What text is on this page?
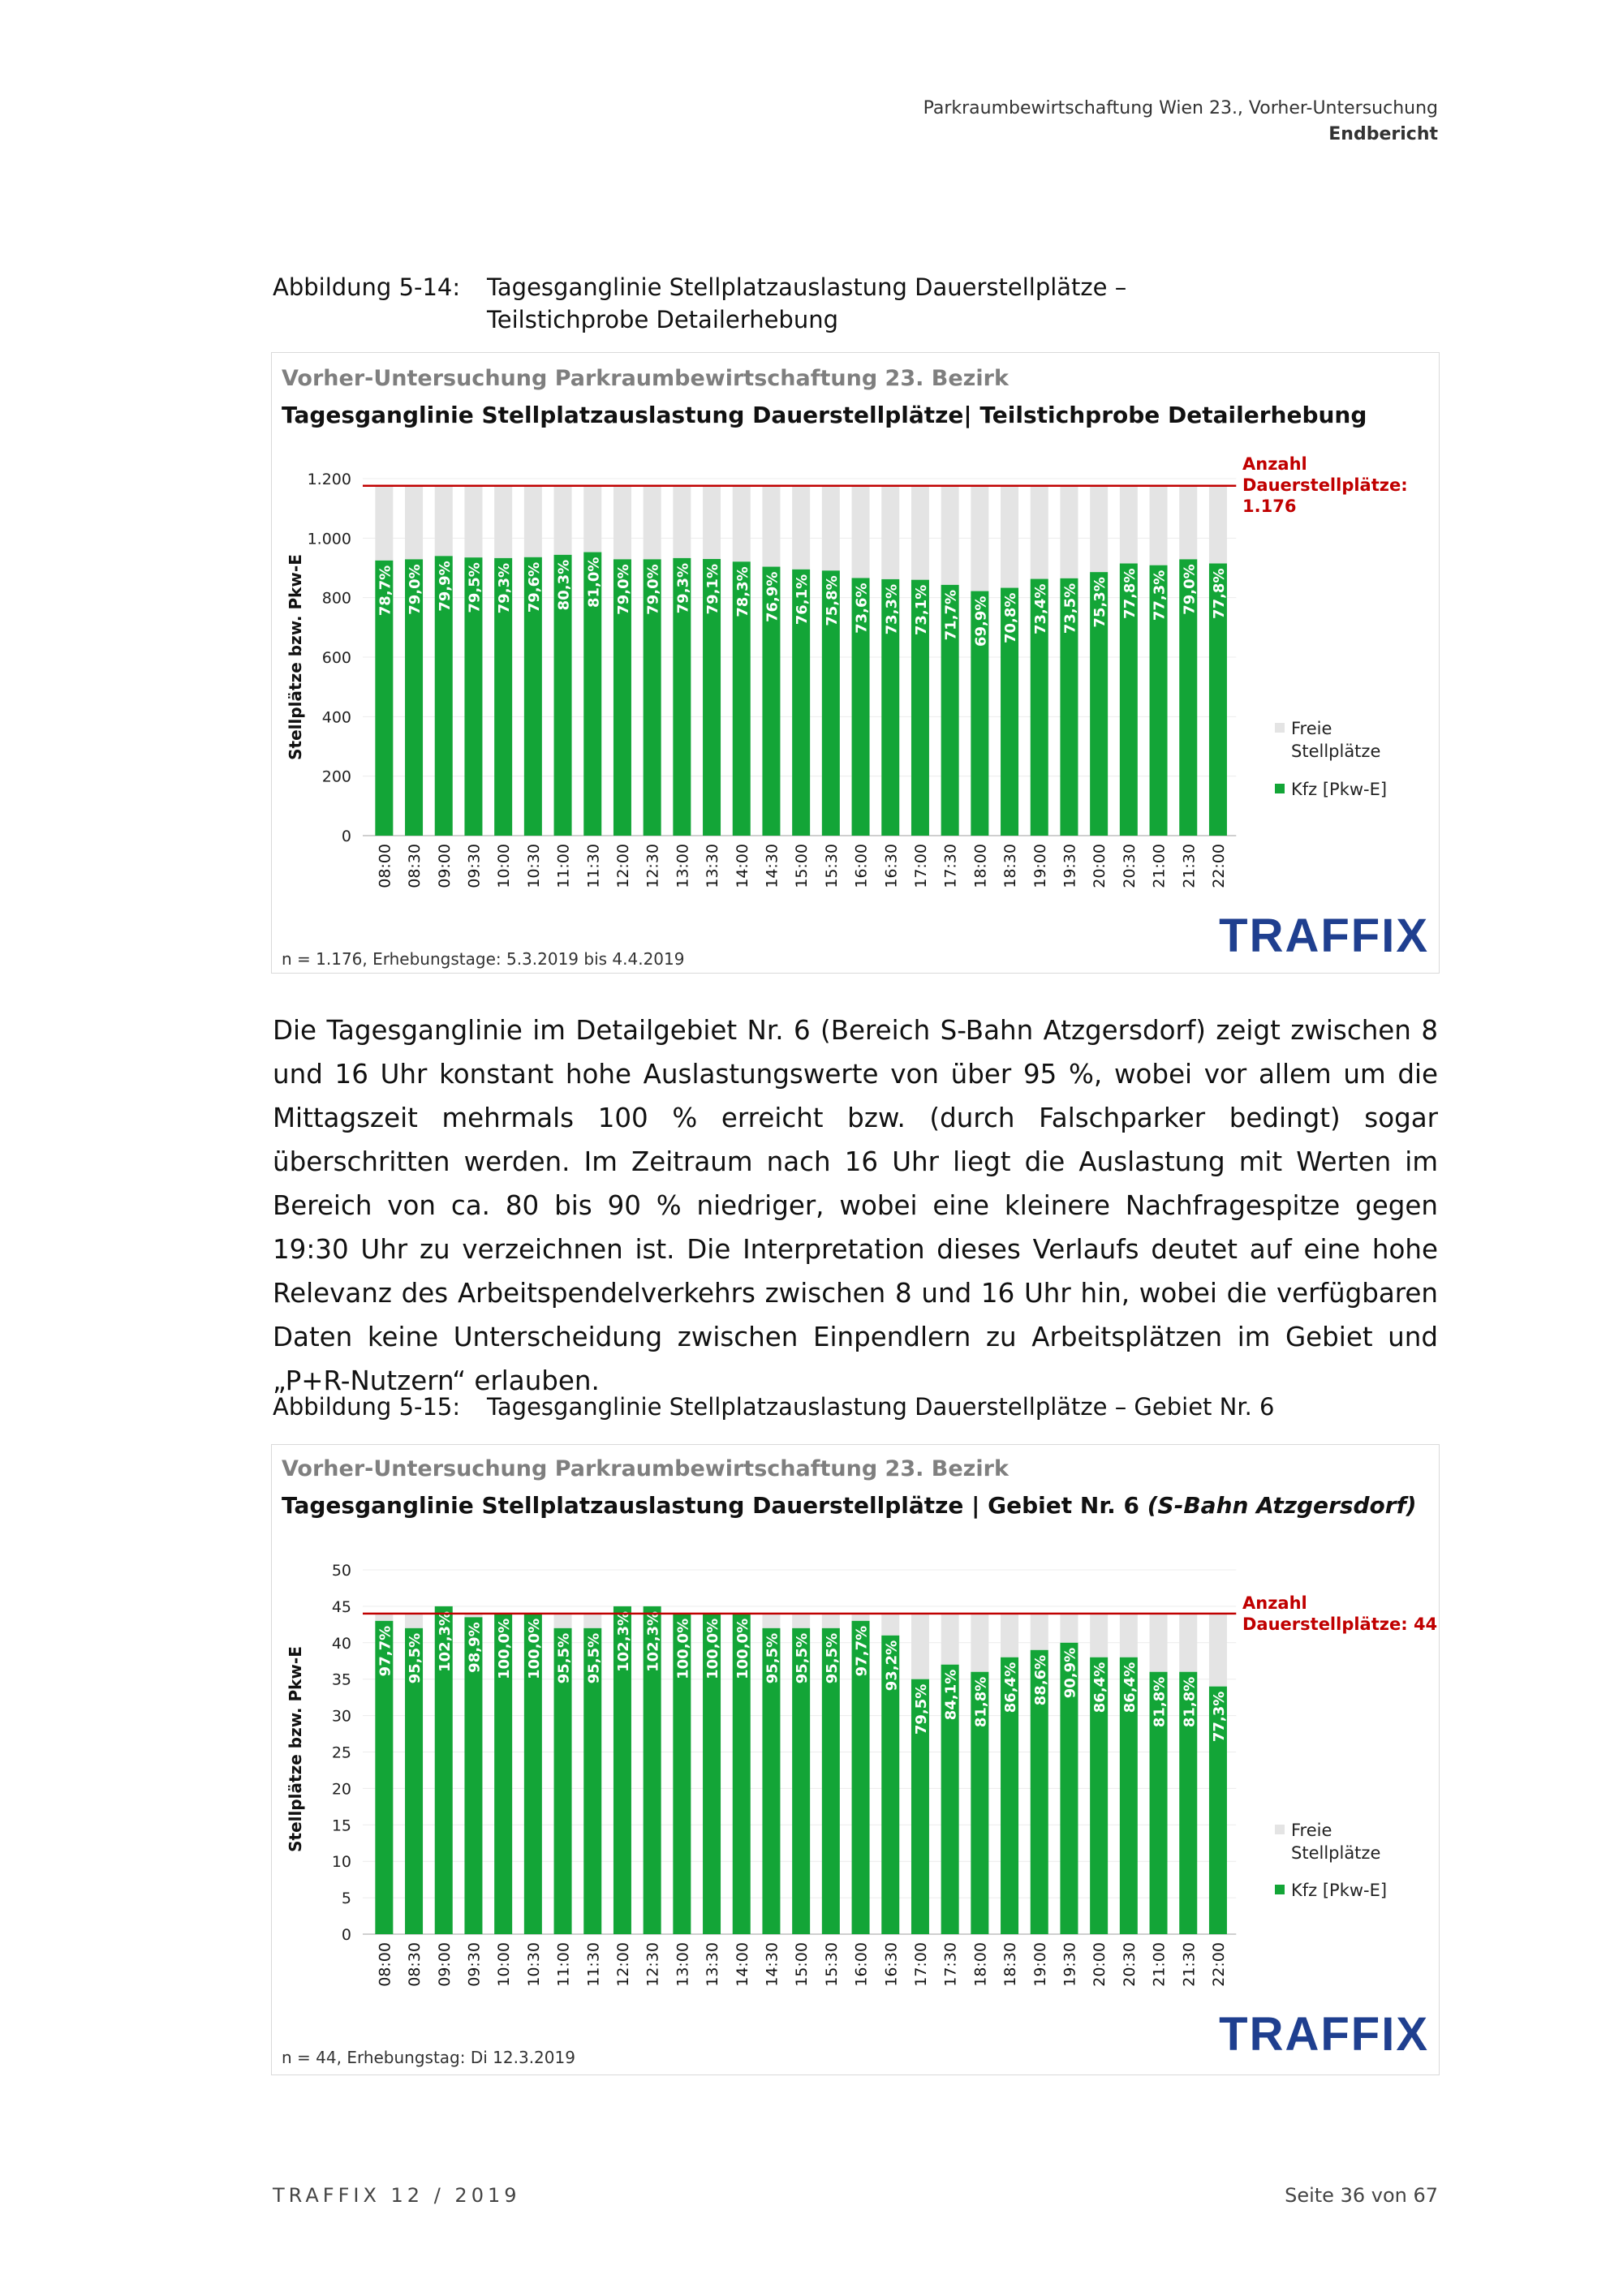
Parkraumbewirtschaftung Wien 23., Vorher-Untersuchung
Endbericht
Abbildung 5-14: Tagesganglinie Stellplatzauslastung Dauerstellplätze –
Teilstichprobe Detailerhebung
Vorher-Untersuchung Parkraumbewirtschaftung 23. Bezirk
Tagesganglinie Stellplatzauslastung Dauerstellplätze| Teilstichprobe Detailerhebung
Stellplätze bzw. Pkw-E
0
200
400
600
800
1.000
1.200
78,7%
08:00
79,0%
08:30
79,9%
09:00
79,5%
09:30
79,3%
10:00
79,6%
10:30
80,3%
11:00
81,0%
11:30
79,0%
12:00
79,0%
12:30
79,3%
13:00
79,1%
13:30
78,3%
14:00
76,9%
14:30
76,1%
15:00
75,8%
15:30
73,6%
16:00
73,3%
16:30
73,1%
17:00
71,7%
17:30
69,9%
18:00
70,8%
18:30
73,4%
19:00
73,5%
19:30
75,3%
20:00
77,8%
20:30
77,3%
21:00
79,0%
21:30
77,8%
22:00
Anzahl
Dauerstellplätze:
1.176
Freie
Stellplätze
Kfz [Pkw-E]
n = 1.176, Erhebungstage: 5.3.2019 bis 4.4.2019	TRAFFIX
Die Tagesganglinie im Detailgebiet Nr. 6 (Bereich S-Bahn Atzgersdorf) zeigt zwischen 8 und 16 Uhr konstant hohe Auslastungswerte von über 95 %, wobei vor allem um die Mittagszeit mehrmals 100 % erreicht bzw. (durch Falschparker bedingt) sogar überschritten werden. Im Zeitraum nach 16 Uhr liegt die Auslastung mit Werten im Bereich von ca. 80 bis 90 % niedriger, wobei eine kleinere Nachfragespitze gegen 19:30 Uhr zu verzeichnen ist. Die Interpretation dieses Verlaufs deutet auf eine hohe Relevanz des Arbeitspendelverkehrs zwischen 8 und 16 Uhr hin, wobei die verfügbaren Daten keine Unterscheidung zwischen Einpendlern zu Arbeitsplätzen im Gebiet und „P+R-Nutzern“ erlauben.
Abbildung 5-15: Tagesganglinie Stellplatzauslastung Dauerstellplätze – Gebiet Nr. 6
Vorher-Untersuchung Parkraumbewirtschaftung 23. Bezirk
Tagesganglinie Stellplatzauslastung Dauerstellplätze | Gebiet Nr. 6 (S-Bahn Atzgersdorf)
Stellplätze bzw. Pkw-E
0
5
10
15
20
25
30
35
40
45
50
97,7%
08:00
95,5%
08:30
102,3%
09:00
98,9%
09:30
100,0%
10:00
100,0%
10:30
95,5%
11:00
95,5%
11:30
102,3%
12:00
102,3%
12:30
100,0%
13:00
100,0%
13:30
100,0%
14:00
95,5%
14:30
95,5%
15:00
95,5%
15:30
97,7%
16:00
93,2%
16:30
79,5%
17:00
84,1%
17:30
81,8%
18:00
86,4%
18:30
88,6%
19:00
90,9%
19:30
86,4%
20:00
86,4%
20:30
81,8%
21:00
81,8%
21:30
77,3%
22:00
Anzahl
Dauerstellplätze: 44
Freie
Stellplätze
Kfz [Pkw-E]
n = 44, Erhebungstag: Di 12.3.2019	TRAFFIX
TRAFFIX 12 / 2019	Seite 36 von 67
